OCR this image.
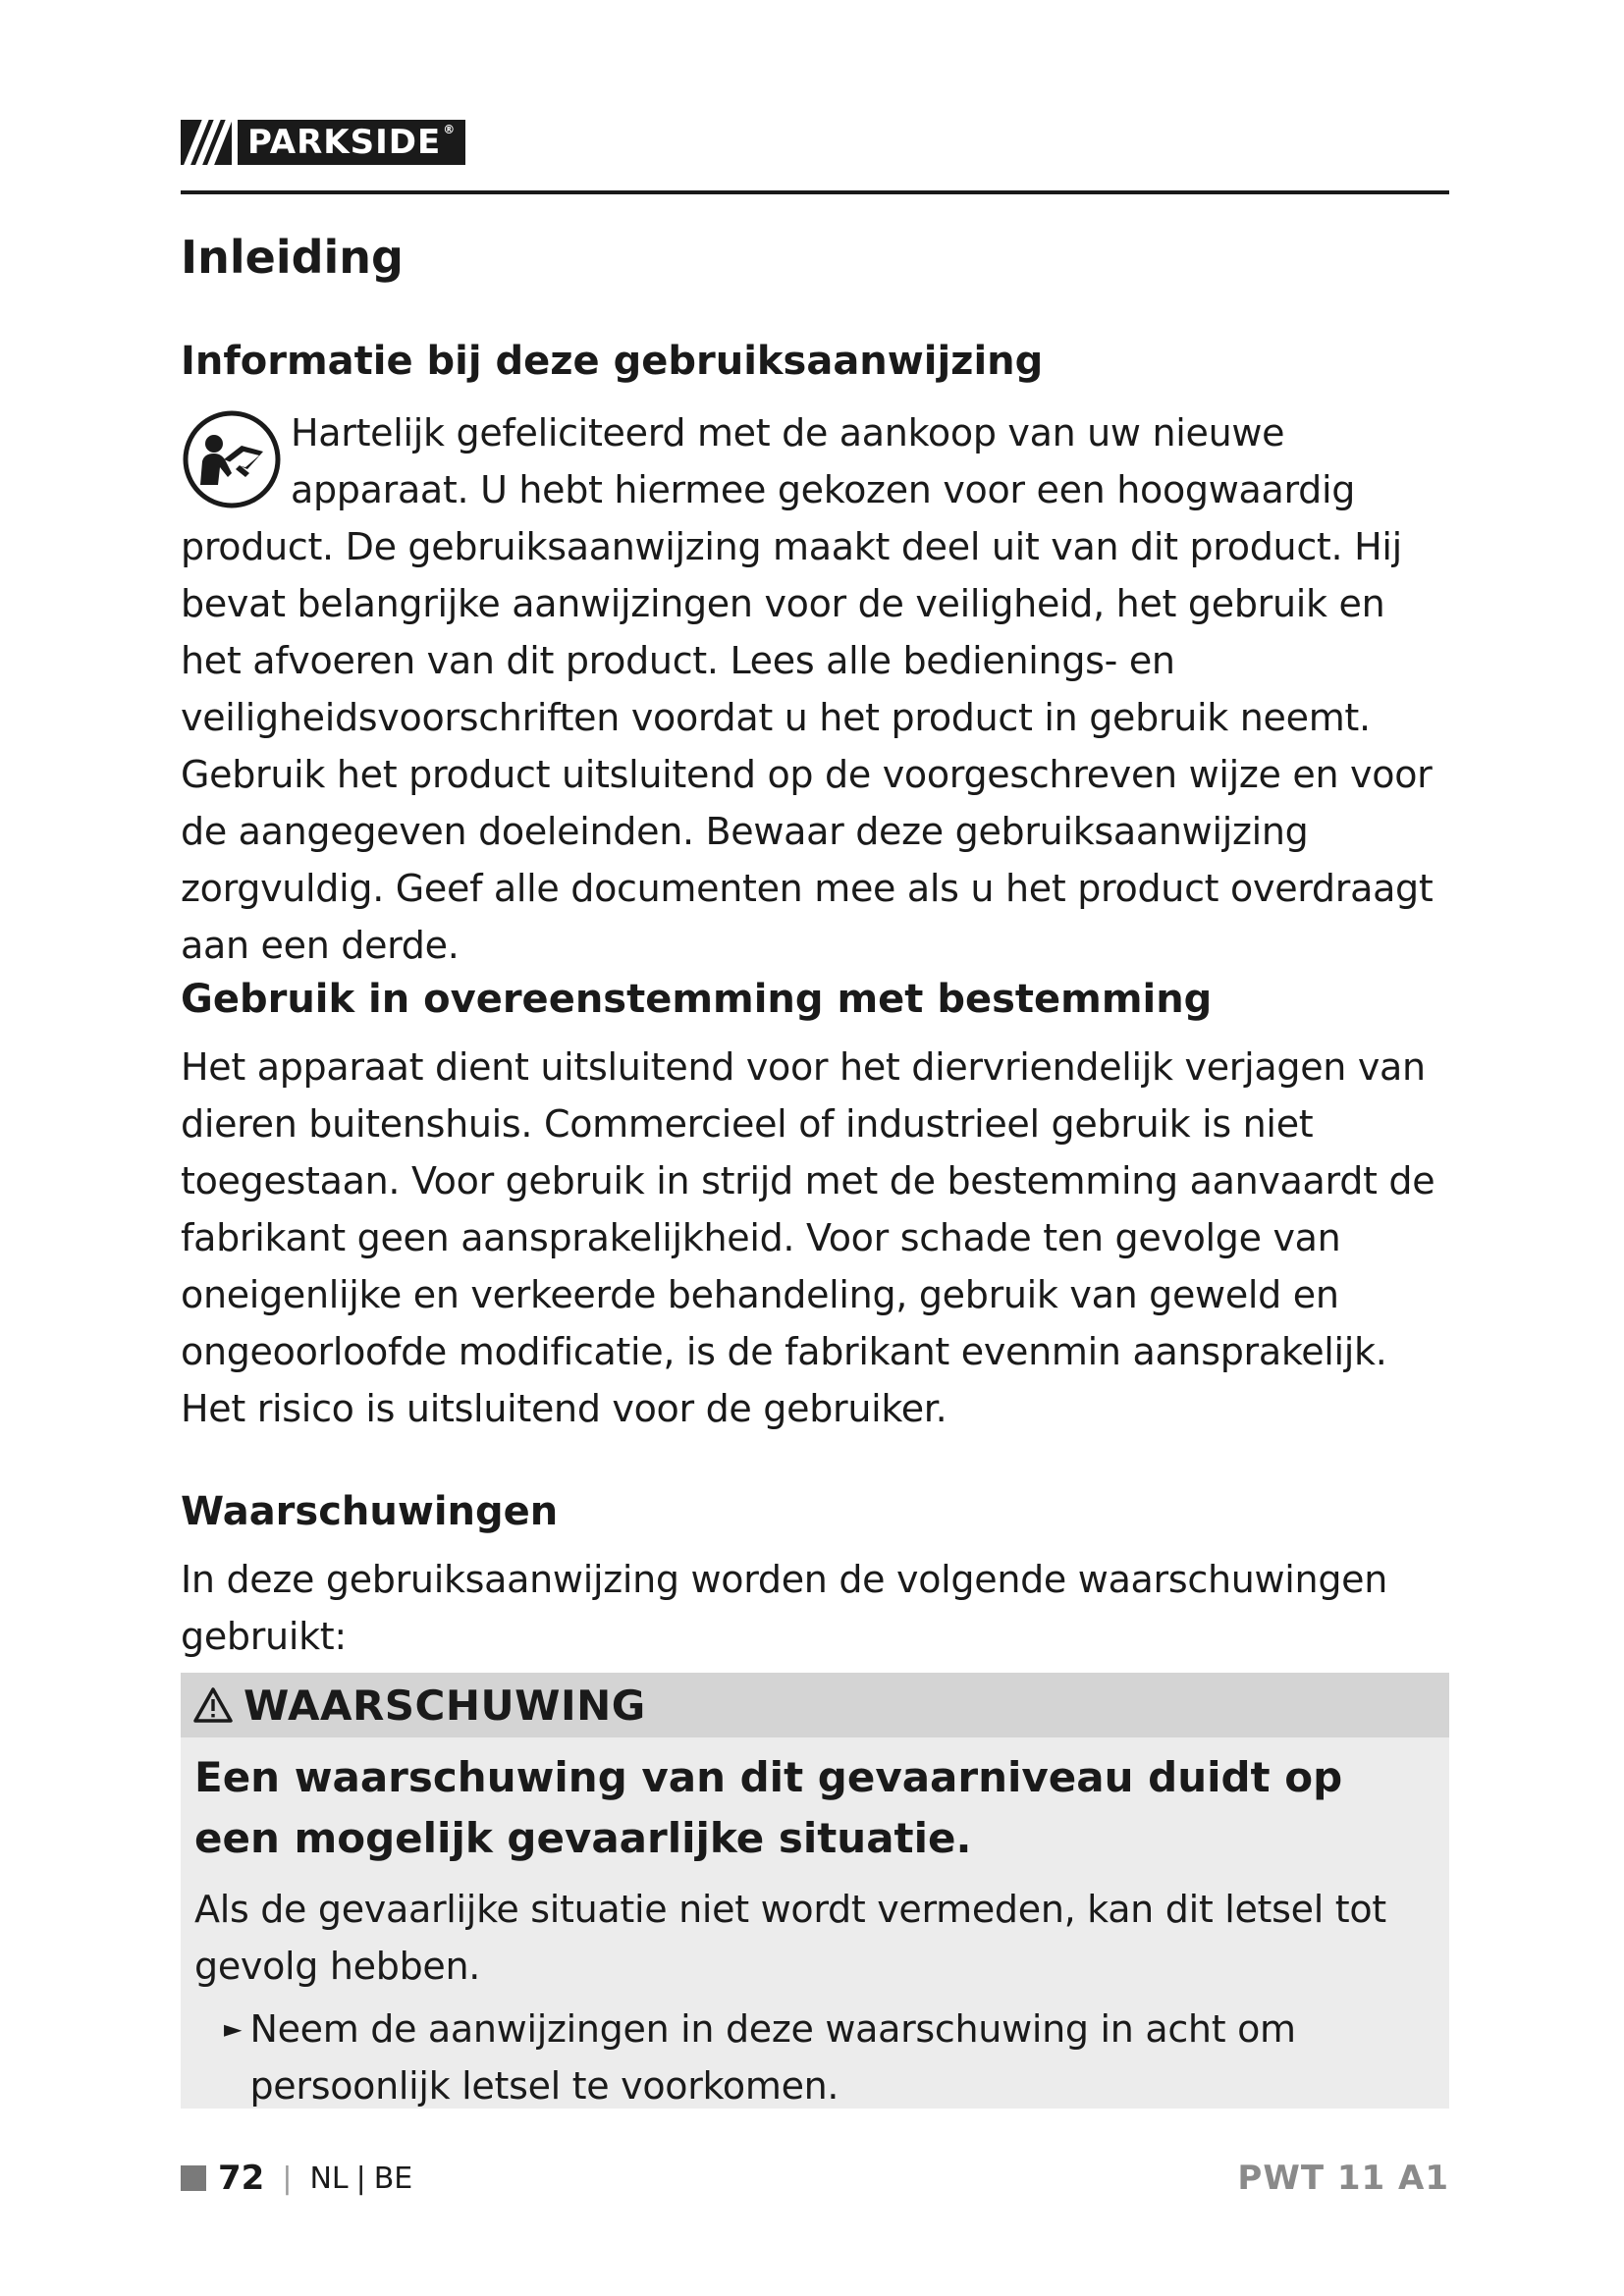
PARKSIDE ®
Inleiding
Informatie bij deze gebruiksaanwijzing

Hartelijk gefeliciteerd met de aankoop van uw nieuwe apparaat. U hebt hiermee gekozen voor een hoogwaardig product. De gebruiksaanwijzing maakt deel uit van dit product. Hij bevat belangrijke aanwijzingen voor de veiligheid, het gebruik en het afvoeren van dit product. Lees alle bedienings- en veiligheidsvoorschriften voordat u het product in gebruik neemt. Gebruik het product uitsluitend op de voorgeschreven wijze en voor de aangegeven doeleinden. Bewaar deze gebruiksaanwijzing zorgvuldig. Geef alle documenten mee als u het product overdraagt aan een derde.

Gebruik in overeenstemming met bestemming

Het apparaat dient uitsluitend voor het diervriendelijk verjagen van dieren buitenshuis. Commercieel of industrieel gebruik is niet toegestaan. Voor gebruik in strijd met de bestemming aanvaardt de fabrikant geen aansprakelijkheid. Voor schade ten gevolge van oneigenlijke en verkeerde behandeling, gebruik van geweld en ongeoorloofde modificatie, is de fabrikant evenmin aansprakelijk. Het risico is uitsluitend voor de gebruiker.

Waarschuwingen

In deze gebruiksaanwijzing worden de volgende waarschuwingen gebruikt:

WAARSCHUWING
Een waarschuwing van dit gevaarniveau duidt op een mogelijk gevaarlijke situatie.

Als de gevaarlijke situatie niet wordt vermeden, kan dit letsel tot gevolg hebben.

► Neem de aanwijzingen in deze waarschuwing in acht om persoonlijk letsel te voorkomen.

72 | NL | BE	PWT 11 A1
